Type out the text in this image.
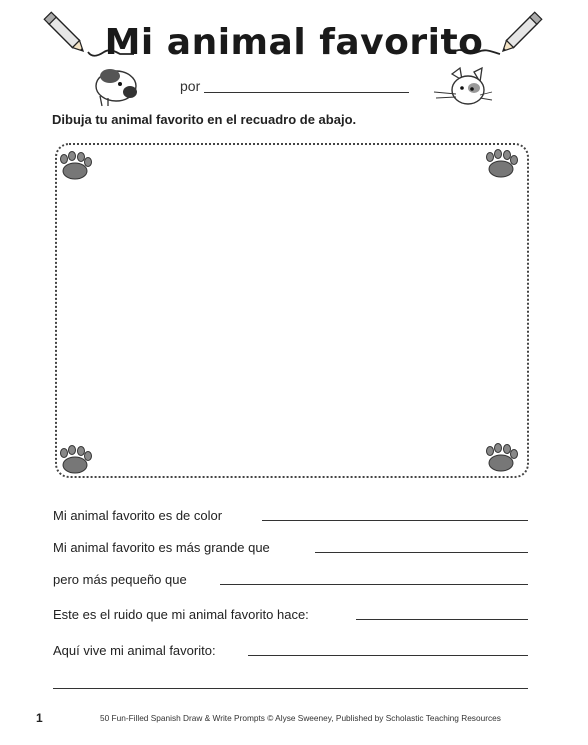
Mi animal favorito
por
Dibuja tu animal favorito en el recuadro de abajo.
Mi animal favorito es de color
Mi animal favorito es más grande que
pero más pequeño que
Este es el ruido que mi animal favorito hace:
Aquí vive mi animal favorito:
1	50 Fun-Filled Spanish Draw & Write Prompts © Alyse Sweeney, Published by Scholastic Teaching Resources
